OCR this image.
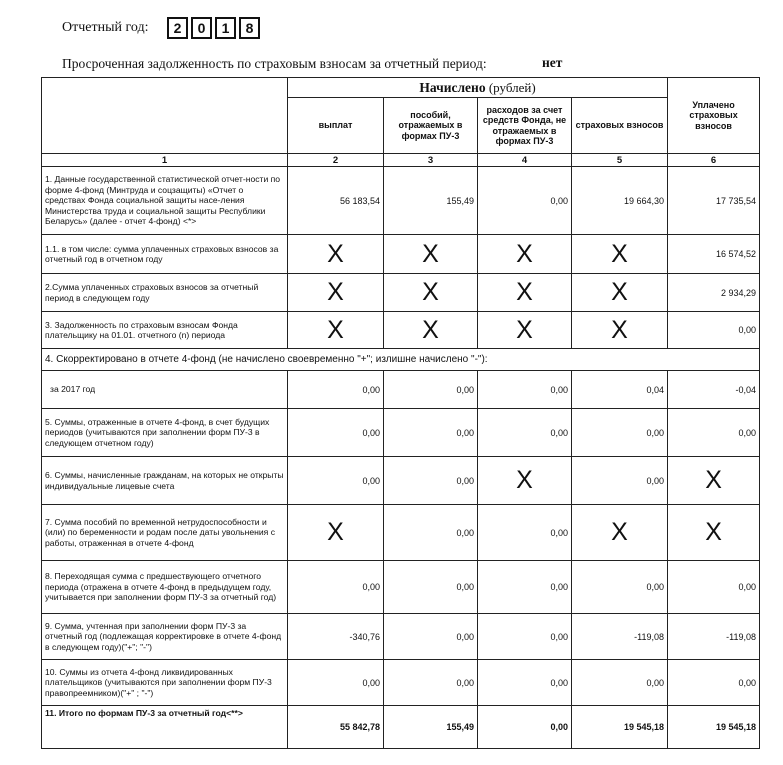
Отчетный год:	2	0	1	8
Просроченная задолженность по страховым взносам за отчетный период:	нет
	Начислено (рублей)				Уплачено страховых взносов
	выплат	пособий, отражаемых в формах ПУ-3	расходов за счет средств Фонда, не отражаемых в формах ПУ-3	страховых взносов	
1	2	3	4	5	6
1. Данные государственной статистической отчет-ности по форме 4-фонд (Минтруда и соцзащиты) «Отчет о средствах Фонда социальной защиты насе-ления Министерства труда и социальной защиты Республики Беларусь» (далее - отчет 4-фонд) <*>	56 183,54	155,49	0,00	19 664,30	17 735,54
1.1. в том числе: сумма уплаченных страховых взносов за отчетный год в отчетном году	X	X	X	X	16 574,52
2.Сумма уплаченных страховых взносов за отчетный период в следующем году	X	X	X	X	2 934,29
3. Задолженность по страховым взносам Фонда плательщику на 01.01. отчетного (n) периода	X	X	X	X	0,00
4. Скорректировано в отчете 4-фонд (не начислено своевременно "+"; излишне начислено "-"):					
за 2017 год	0,00	0,00	0,00	0,04	-0,04
5. Суммы, отраженные в отчете 4-фонд, в счет будущих периодов (учитываются при заполнении форм ПУ-3 в следующем отчетном году)	0,00	0,00	0,00	0,00	0,00
6. Суммы, начисленные гражданам, на которых не открыты индивидуальные лицевые счета	0,00	0,00	X	0,00	X
7. Сумма пособий по временной нетрудоспособности и (или) по беременности и родам после даты увольнения с работы, отраженная в отчете 4-фонд	X	0,00	0,00	X	X
8. Переходящая сумма с предшествующего отчетного периода (отражена в отчете 4-фонд в предыдущем году, учитывается при заполнении форм ПУ-3 за отчетный год)	0,00	0,00	0,00	0,00	0,00
9. Сумма, учтенная при заполнении форм ПУ-3 за отчетный год (подлежащая корректировке в отчете 4-фонд в следующем году)("+"; "-")	-340,76	0,00	0,00	-119,08	-119,08
10. Суммы из отчета 4-фонд ликвидированных плательщиков (учитываются при заполнении форм ПУ-3 правопреемником)("+" ; "-")	0,00	0,00	0,00	0,00	0,00
11. Итого по формам ПУ-3 за отчетный год<**>	55 842,78	155,49	0,00	19 545,18	19 545,18
